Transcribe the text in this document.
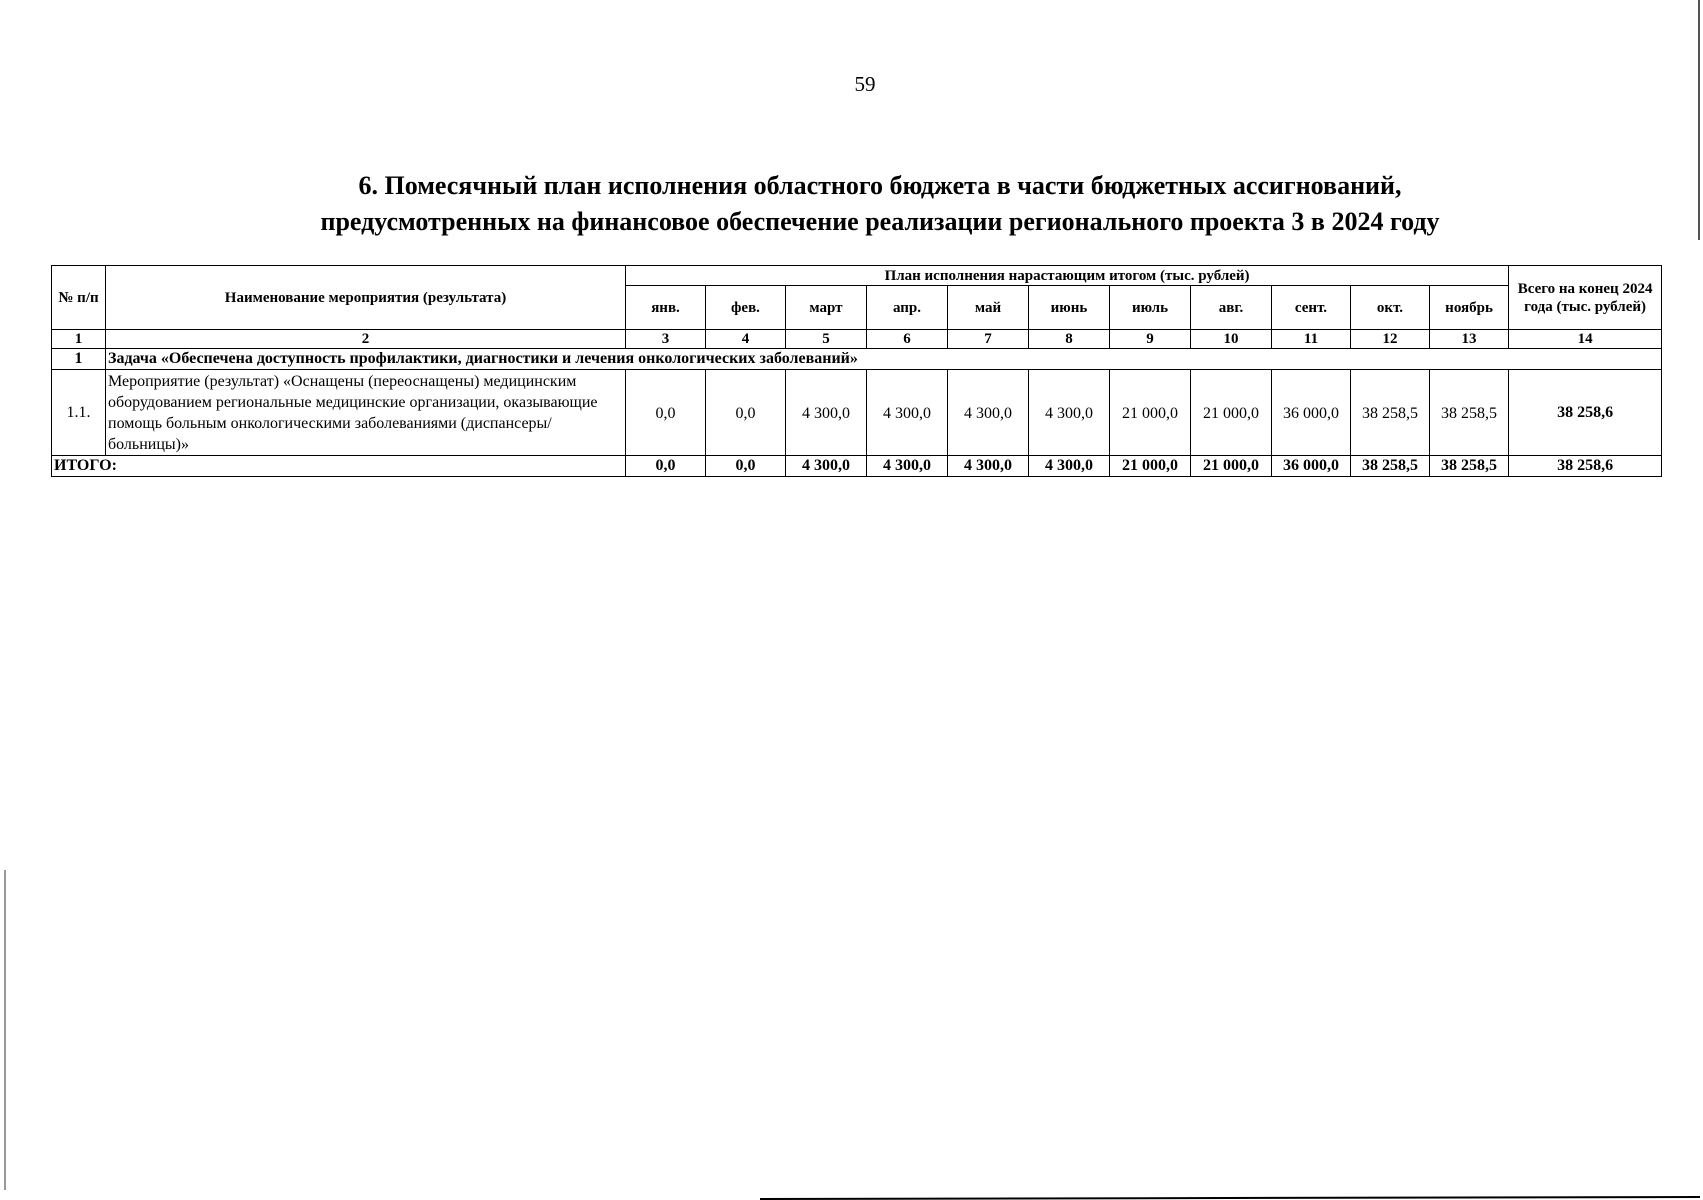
59
6. Помесячный план исполнения областного бюджета в части бюджетных ассигнований,
предусмотренных на финансовое обеспечение реализации регионального проекта 3 в 2024 году
№ п/п	Наименование мероприятия (результата)	План исполнения нарастающим итогом (тыс. рублей)											Всего на конец 2024 года (тыс. рублей)
		янв.	фев.	март	апр.	май	июнь	июль	авг.	сент.	окт.	ноябрь	
1	2	3	4	5	6	7	8	9	10	11	12	13	14
1	Задача «Обеспечена доступность профилактики, диагностики и лечения онкологических заболеваний»												
1.1.	Мероприятие (результат) «Оснащены (переоснащены) медицинским оборудованием региональные медицинские организации, оказывающие помощь больным онкологическими заболеваниями (диспансеры/больницы)»	0,0	0,0	4 300,0	4 300,0	4 300,0	4 300,0	21 000,0	21 000,0	36 000,0	38 258,5	38 258,5	38 258,6
ИТОГО:		0,0	0,0	4 300,0	4 300,0	4 300,0	4 300,0	21 000,0	21 000,0	36 000,0	38 258,5	38 258,5	38 258,6
